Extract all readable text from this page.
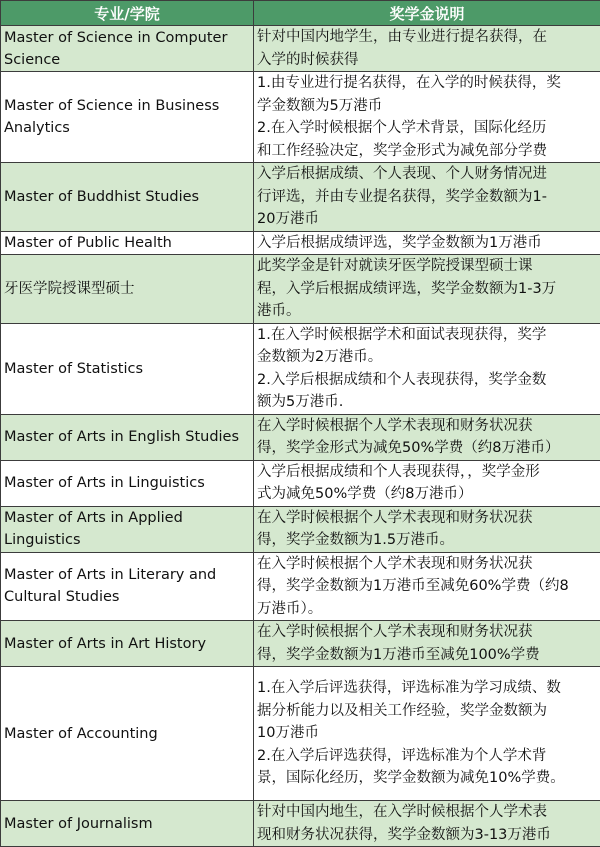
专业/学院	奖学金说明
Master of Science in Computer Science	针对中国内地学生，由专业进行提名获得，在
入学的时候获得

Master of Science in Business Analytics	1.由专业进行提名获得，在入学的时候获得，奖
学金数额为5万港币
2.在入学时候根据个人学术背景，国际化经历
和工作经验决定，奖学金形式为减免部分学费

Master of Buddhist Studies	入学后根据成绩、个人表现、个人财务情况进
行评选，并由专业提名获得，奖学金数额为1-
20万港币

Master of Public Health	入学后根据成绩评选，奖学金数额为1万港币

牙医学院授课型硕士	此奖学金是针对就读牙医学院授课型硕士课
程，入学后根据成绩评选，奖学金数额为1-3万
港币。

Master of Statistics	1.在入学时候根据学术和面试表现获得，奖学
金数额为2万港币。
2.入学后根据成绩和个人表现获得，奖学金数
额为5万港币.

Master of Arts in English Studies	在入学时候根据个人学术表现和财务状况获
得，奖学金形式为减免50%学费（约8万港币）

Master of Arts in Linguistics	入学后根据成绩和个人表现获得，，奖学金形
式为减免50%学费（约8万港币）

Master of Arts in Applied Linguistics	在入学时候根据个人学术表现和财务状况获
得，奖学金数额为1.5万港币。

Master of Arts in Literary and Cultural Studies	在入学时候根据个人学术表现和财务状况获
得，奖学金数额为1万港币至减免60%学费（约8
万港币）。

Master of Arts in Art History	在入学时候根据个人学术表现和财务状况获
得，奖学金数额为1万港币至减免100%学费

Master of Accounting	1.在入学后评选获得，评选标准为学习成绩、数
据分析能力以及相关工作经验，奖学金数额为
10万港币
2.在入学后评选获得，评选标准为个人学术背
景，国际化经历，奖学金数额为减免10%学费。

Master of Journalism	针对中国内地生，在入学时候根据个人学术表
现和财务状况获得，奖学金数额为3-13万港币
